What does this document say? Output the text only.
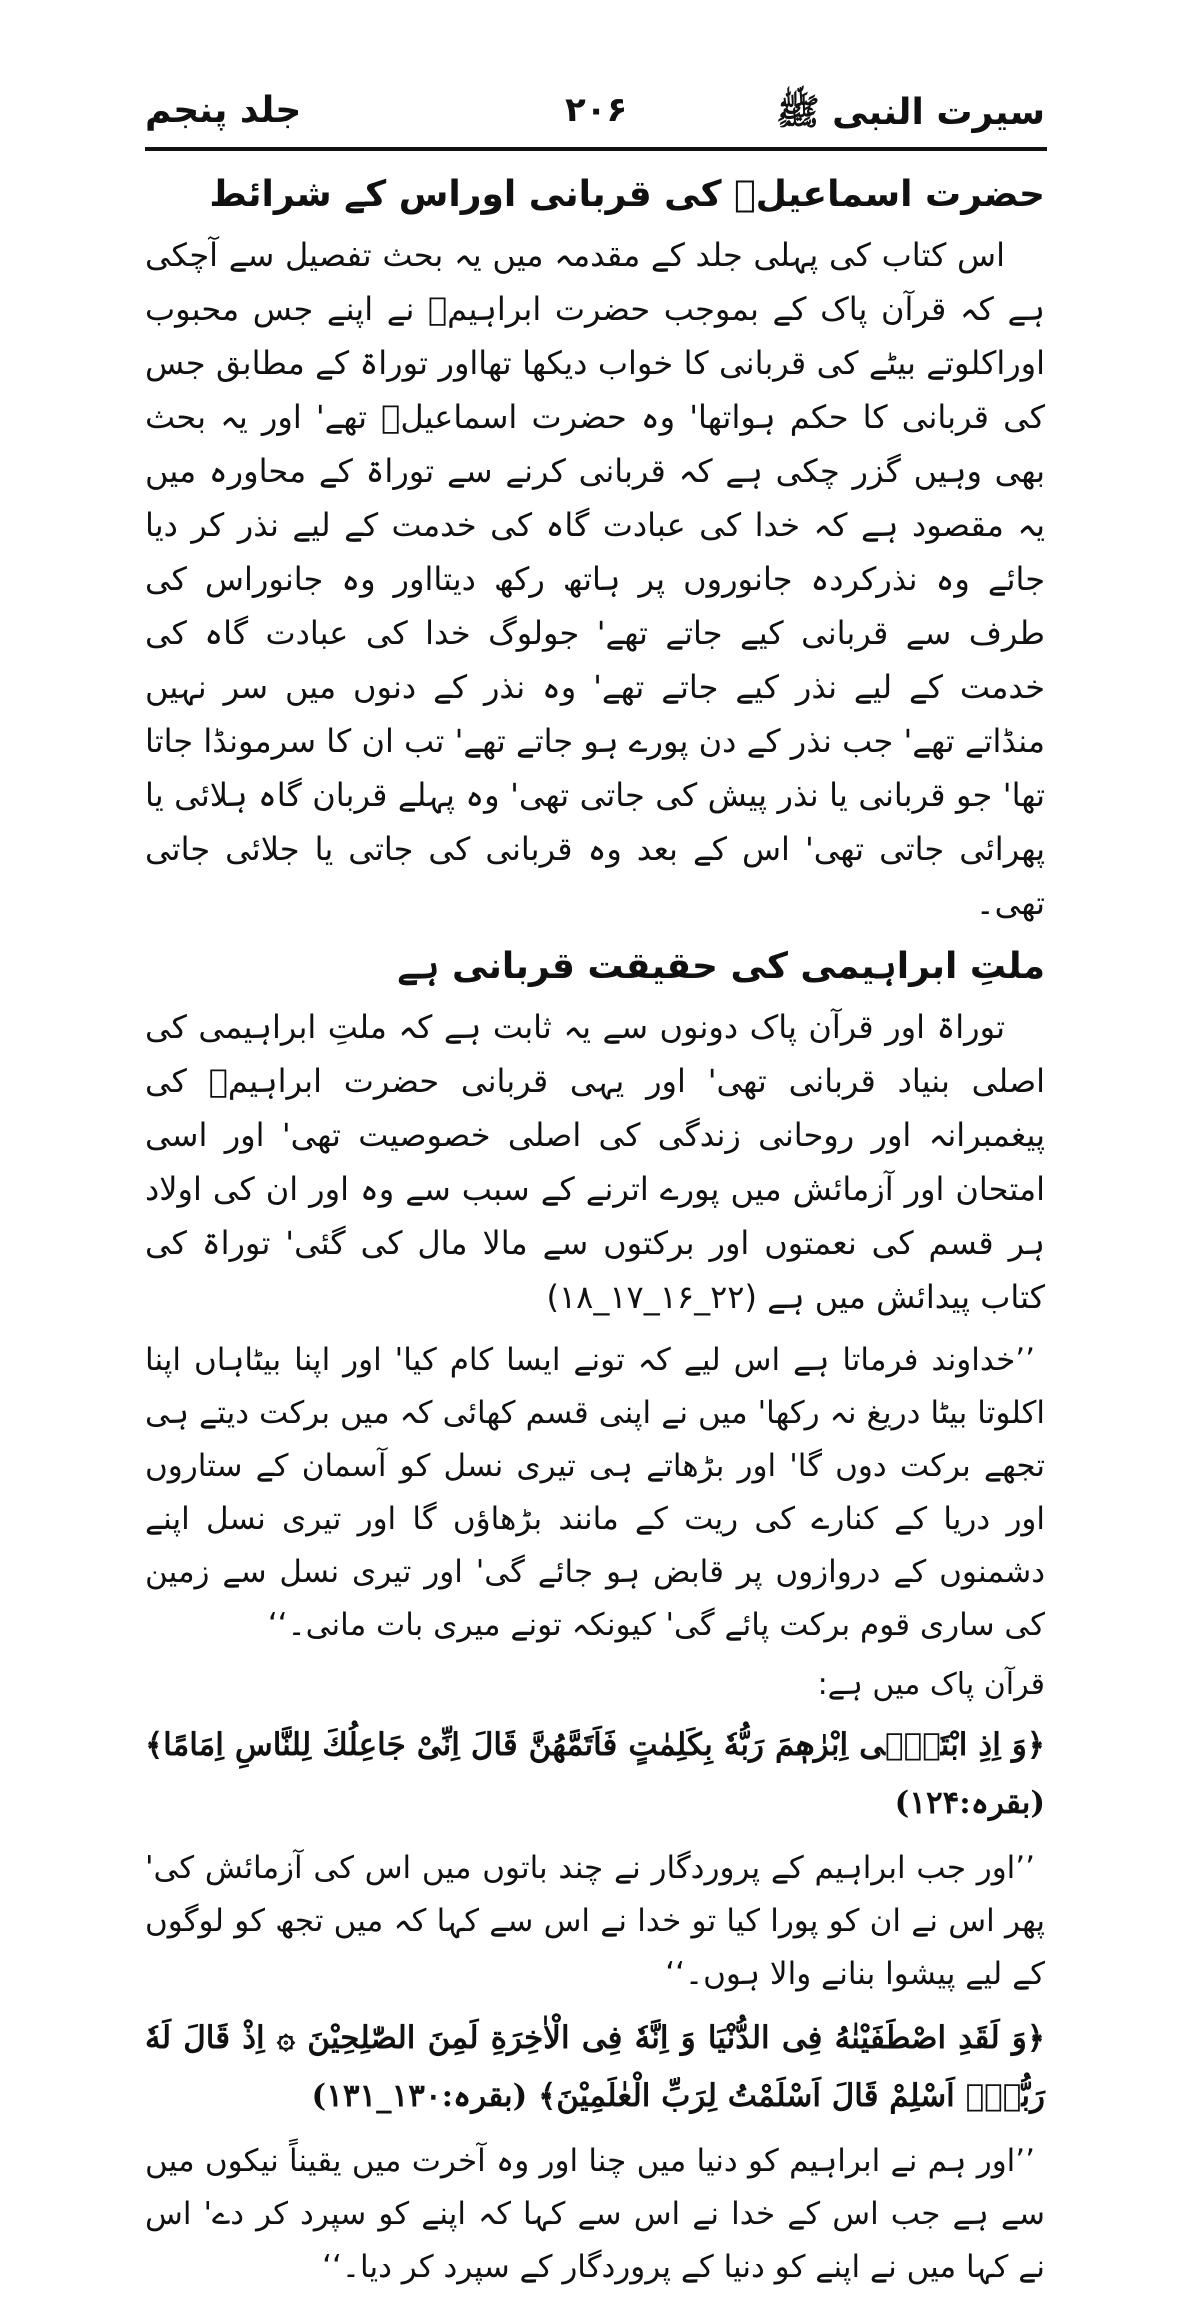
سیرت النبی ﷺ
۲۰۶
جلد پنجم
حضرت اسماعیلؑ کی قربانی اوراس کے شرائط

اس کتاب کی پہلی جلد کے مقدمہ میں یہ بحث تفصیل سے آچکی ہے کہ قرآن پاک کے بموجب حضرت ابراہیمؑ نے اپنے جس محبوب اوراکلوتے بیٹے کی قربانی کا خواب دیکھا تھااور توراۃ کے مطابق جس کی قربانی کا حکم ہواتھا' وہ حضرت اسماعیلؑ تھے' اور یہ بحث بھی وہیں گزر چکی ہے کہ قربانی کرنے سے توراۃ کے محاورہ میں یہ مقصود ہے کہ خدا کی عبادت گاہ کی خدمت کے لیے نذر کر دیا جائے وہ نذرکردہ جانوروں پر ہاتھ رکھ دیتااور وہ جانوراس کی طرف سے قربانی کیے جاتے تھے' جولوگ خدا کی عبادت گاہ کی خدمت کے لیے نذر کیے جاتے تھے' وہ نذر کے دنوں میں سر نہیں منڈاتے تھے' جب نذر کے دن پورے ہو جاتے تھے' تب ان کا سرمونڈا جاتا تھا' جو قربانی یا نذر پیش کی جاتی تھی' وہ پہلے قربان گاہ ہلائی یا پھرائی جاتی تھی' اس کے بعد وہ قربانی کی جاتی یا جلائی جاتی تھی۔

ملتِ ابراہیمی کی حقیقت قربانی ہے

توراۃ اور قرآن پاک دونوں سے یہ ثابت ہے کہ ملتِ ابراہیمی کی اصلی بنیاد قربانی تھی' اور یہی قربانی حضرت ابراہیمؑ کی پیغمبرانہ اور روحانی زندگی کی اصلی خصوصیت تھی' اور اسی امتحان اور آزمائش میں پورے اترنے کے سبب سے وہ اور ان کی اولاد ہر قسم کی نعمتوں اور برکتوں سے مالا مال کی گئی' توراۃ کی کتاب پیدائش میں ہے (۲۲_۱۶_۱۷_۱۸)

’’خداوند فرماتا ہے اس لیے کہ تونے ایسا کام کیا' اور اپنا بیٹاہاں اپنا اکلوتا بیٹا دریغ نہ رکھا' میں نے اپنی قسم کھائی کہ میں برکت دیتے ہی تجھے برکت دوں گا' اور بڑھاتے ہی تیری نسل کو آسمان کے ستاروں اور دریا کے کنارے کی ریت کے مانند بڑھاؤں گا اور تیری نسل اپنے دشمنوں کے دروازوں پر قابض ہو جائے گی' اور تیری نسل سے زمین کی ساری قوم برکت پائے گی' کیونکہ تونے میری بات مانی۔‘‘

قرآن پاک میں ہے:

﴿وَ اِذِ ابْتَلٰۤى اِبْرٰهٖمَ رَبُّهٗ بِكَلِمٰتٍ فَاَتَمَّهُنَّ قَالَ اِنِّیْ جَاعِلُكَ لِلنَّاسِ اِمَامًا﴾ (بقرہ:۱۲۴)

’’اور جب ابراہیم کے پروردگار نے چند باتوں میں اس کی آزمائش کی' پھر اس نے ان کو پورا کیا تو خدا نے اس سے کہا کہ میں تجھ کو لوگوں کے لیے پیشوا بنانے والا ہوں۔‘‘

﴿وَ لَقَدِ اصْطَفَیْنٰهُ فِی الدُّنْیَا وَ اِنَّهٗ فِی الْاٰخِرَةِ لَمِنَ الصّٰلِحِیْنَ ۞ اِذْ قَالَ لَهٗ رَبُّهٗۤ اَسْلِمْ قَالَ اَسْلَمْتُ لِرَبِّ الْعٰلَمِیْنَ﴾ (بقرہ:۱۳۰_۱۳۱)

’’اور ہم نے ابراہیم کو دنیا میں چنا اور وہ آخرت میں یقیناً نیکوں میں سے ہے جب اس کے خدا نے اس سے کہا کہ اپنے کو سپرد کر دے' اس نے کہا میں نے اپنے کو دنیا کے پروردگار کے سپرد کر دیا۔‘‘
